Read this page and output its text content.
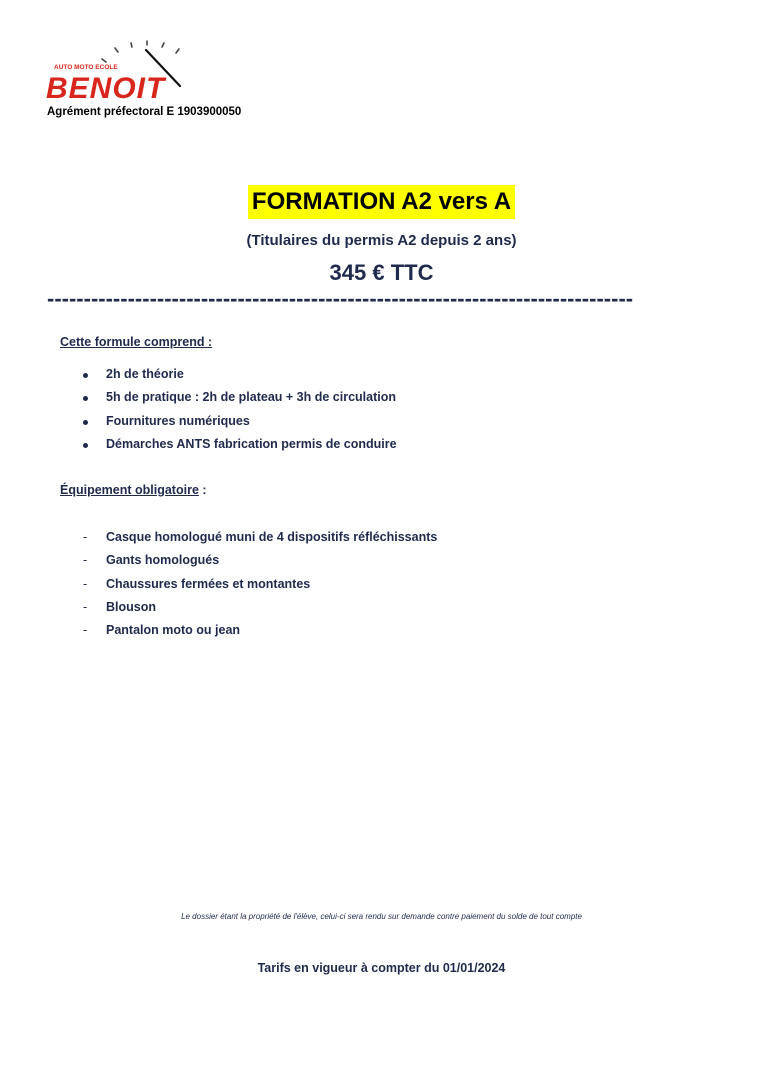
AUTO MOTO ECOLE
BENOIT
Agrément préfectoral E 1903900050
FORMATION A2 vers A
(Titulaires du permis A2 depuis 2 ans)
345 € TTC
--------------------------------------------------------------------------------
Cette formule comprend :
2h de théorie
5h de pratique : 2h de plateau + 3h de circulation
Fournitures numériques
Démarches ANTS fabrication permis de conduire
Équipement obligatoire :
-	Casque homologué muni de 4 dispositifs réfléchissants
-	Gants homologués
-	Chaussures fermées et montantes
-	Blouson
-	Pantalon moto ou jean
Le dossier étant la propriété de l'élève, celui-ci sera rendu sur demande contre paiement du solde de tout compte
Tarifs en vigueur à compter du 01/01/2024
